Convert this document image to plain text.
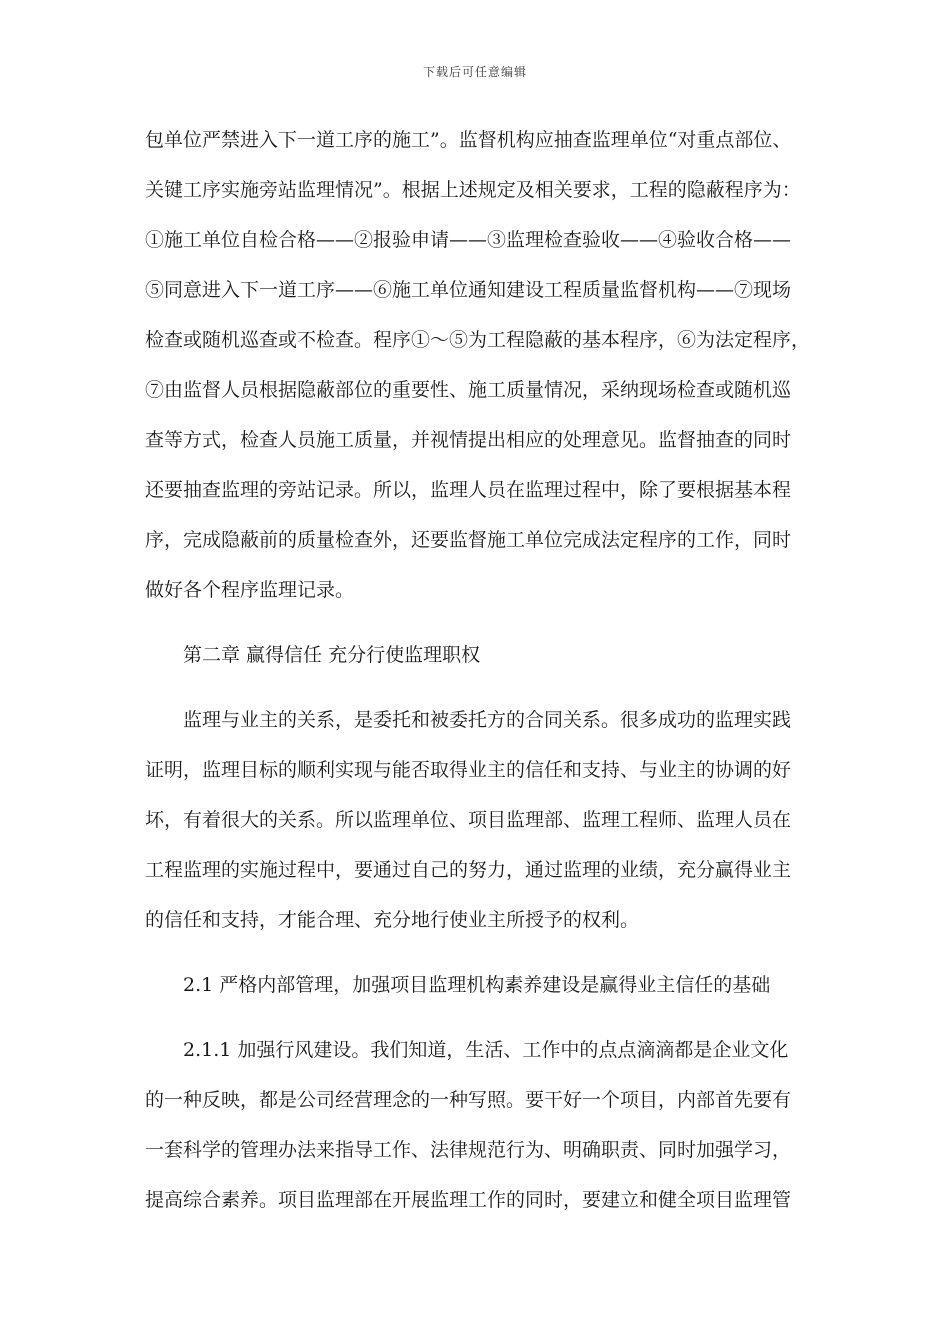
下载后可任意编辑
包单位严禁进入下一道工序的施工”。监督机构应抽查监理单位“对重点部位、
关键工序实施旁站监理情况”。根据上述规定及相关要求，工程的隐蔽程序为：
①施工单位自检合格——②报验申请——③监理检查验收——④验收合格——
⑤同意进入下一道工序——⑥施工单位通知建设工程质量监督机构——⑦现场
检查或随机巡查或不检查。程序①～⑤为工程隐蔽的基本程序，⑥为法定程序，
⑦由监督人员根据隐蔽部位的重要性、施工质量情况，采纳现场检查或随机巡
查等方式，检查人员施工质量，并视情提出相应的处理意见。监督抽查的同时
还要抽查监理的旁站记录。所以，监理人员在监理过程中，除了要根据基本程
序，完成隐蔽前的质量检查外，还要监督施工单位完成法定程序的工作，同时
做好各个程序监理记录。
第二章 赢得信任 充分行使监理职权
监理与业主的关系，是委托和被委托方的合同关系。很多成功的监理实践
证明，监理目标的顺利实现与能否取得业主的信任和支持、与业主的协调的好
坏，有着很大的关系。所以监理单位、项目监理部、监理工程师、监理人员在
工程监理的实施过程中，要通过自己的努力，通过监理的业绩，充分赢得业主
的信任和支持，才能合理、充分地行使业主所授予的权利。
2.1 严格内部管理，加强项目监理机构素养建设是赢得业主信任的基础
2.1.1 加强行风建设。我们知道，生活、工作中的点点滴滴都是企业文化
的一种反映，都是公司经营理念的一种写照。要干好一个项目，内部首先要有
一套科学的管理办法来指导工作、法律规范行为、明确职责、同时加强学习，
提高综合素养。项目监理部在开展监理工作的同时，要建立和健全项目监理管
